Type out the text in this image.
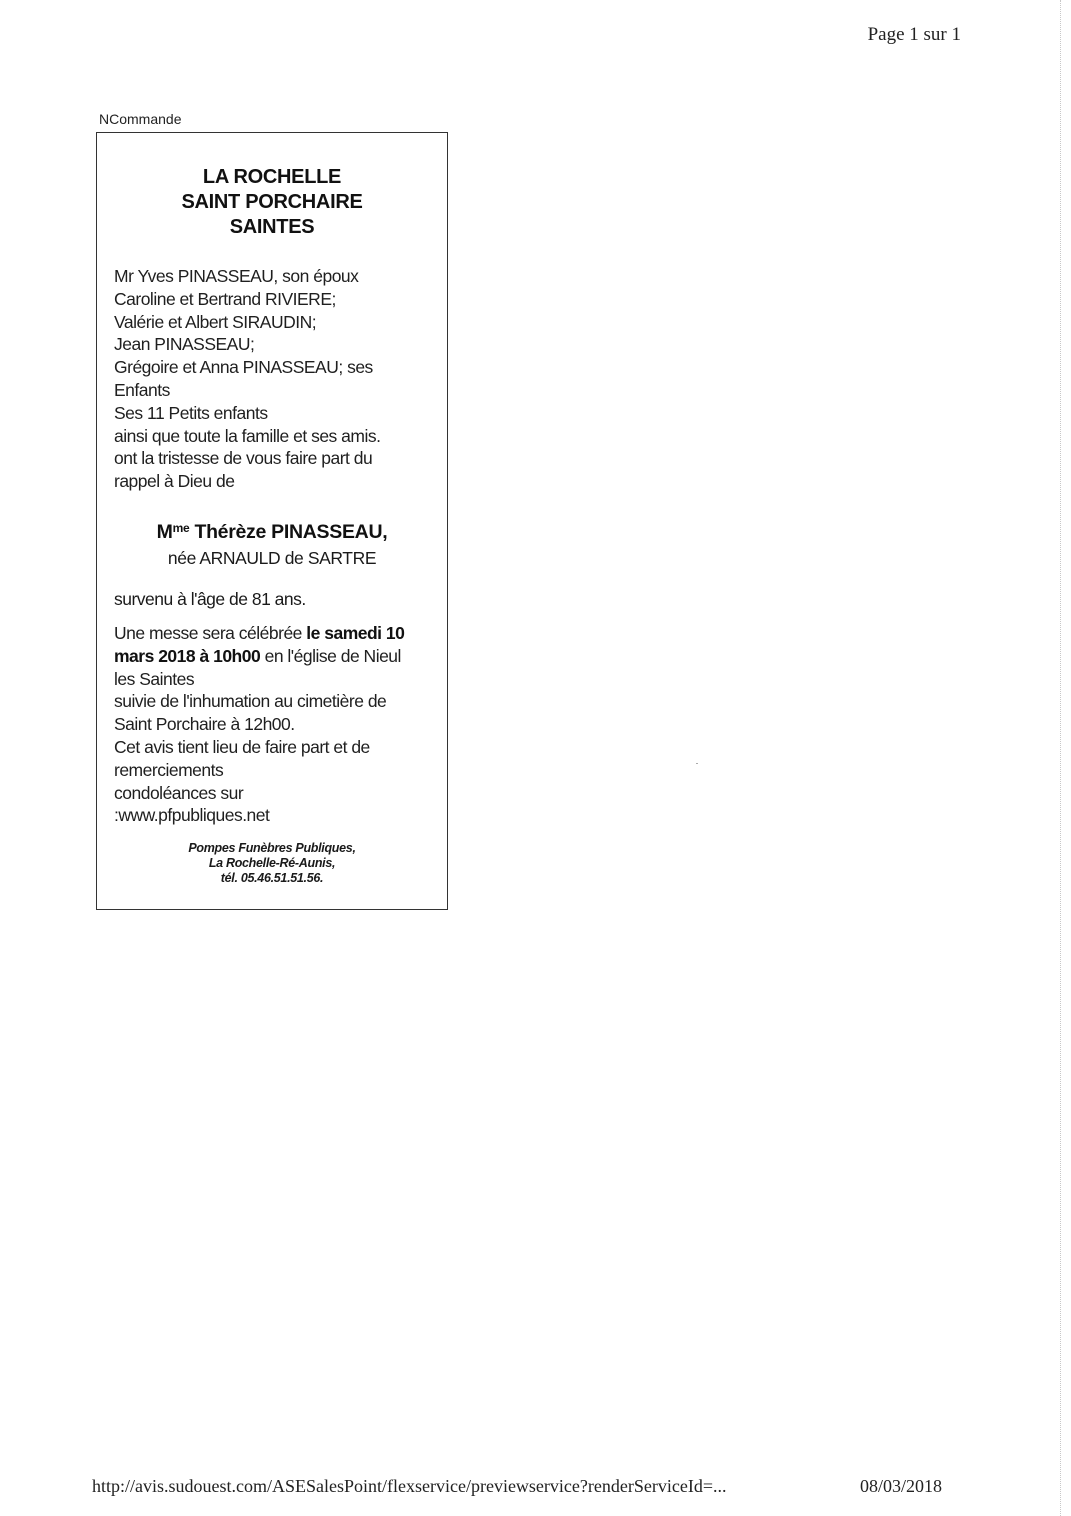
Page 1 sur 1
NCommande
LA ROCHELLE
SAINT PORCHAIRE
SAINTES
Mr Yves PINASSEAU, son époux
Caroline et Bertrand RIVIERE;
Valérie et Albert SIRAUDIN;
Jean PINASSEAU;
Grégoire et Anna PINASSEAU; ses
Enfants
Ses 11 Petits enfants
ainsi que toute la famille et ses amis.
ont la tristesse de vous faire part du
rappel à Dieu de
$M^{me}$ Thérèze PINASSEAU,
née ARNAULD de SARTRE
survenu à l'âge de 81 ans.
Une messe sera célébrée le samedi 10
mars 2018 à 10h00 en l'église de Nieul
les Saintes
suivie de l'inhumation au cimetière de
Saint Porchaire à 12h00.
Cet avis tient lieu de faire part et de
remerciements
condoléances sur
:www.pfpubliques.net
Pompes Funèbres Publiques,
La Rochelle-Ré-Aunis,
tél. 05.46.51.51.56.
http://avis.sudouest.com/ASESalesPoint/flexservice/previewservice?renderServiceId=...	08/03/2018
